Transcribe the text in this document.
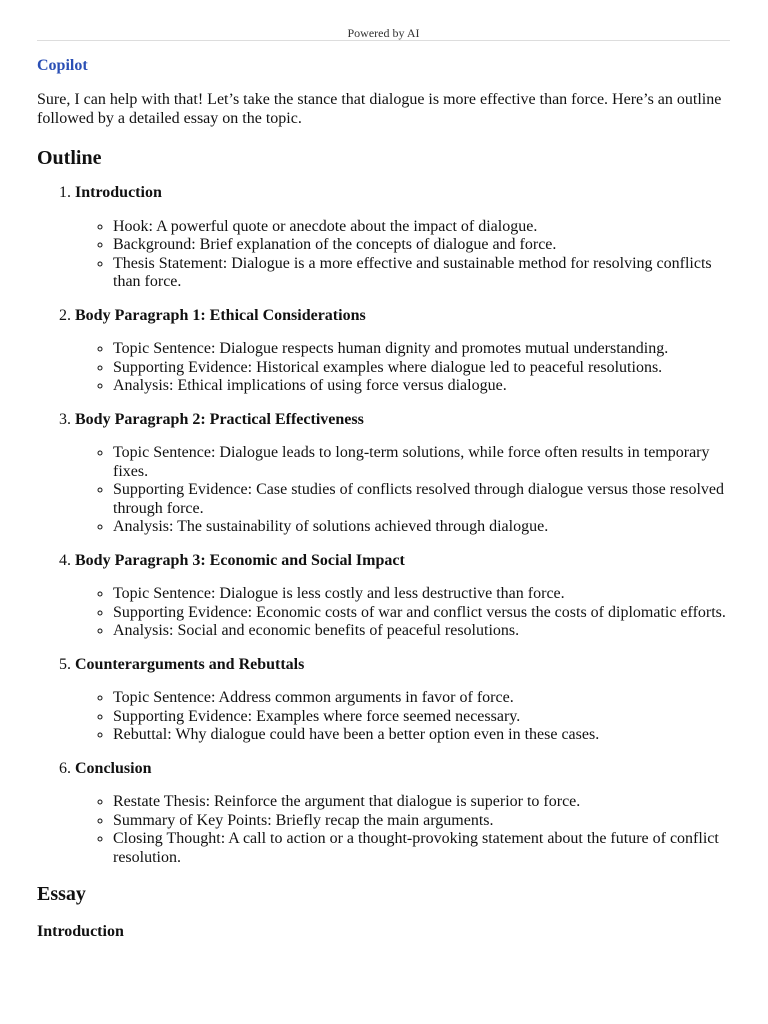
Powered by AI
Copilot

Sure, I can help with that! Let’s take the stance that dialogue is more effective than force. Here’s an outline followed by a detailed essay on the topic.

Outline
1. Introduction
◦ Hook: A powerful quote or anecdote about the impact of dialogue.
◦ Background: Brief explanation of the concepts of dialogue and force.
◦ Thesis Statement: Dialogue is a more effective and sustainable method for resolving conflicts than force.
2. Body Paragraph 1: Ethical Considerations
◦ Topic Sentence: Dialogue respects human dignity and promotes mutual understanding.
◦ Supporting Evidence: Historical examples where dialogue led to peaceful resolutions.
◦ Analysis: Ethical implications of using force versus dialogue.
3. Body Paragraph 2: Practical Effectiveness
◦ Topic Sentence: Dialogue leads to long-term solutions, while force often results in temporary fixes.
◦ Supporting Evidence: Case studies of conflicts resolved through dialogue versus those resolved through force.
◦ Analysis: The sustainability of solutions achieved through dialogue.
4. Body Paragraph 3: Economic and Social Impact
◦ Topic Sentence: Dialogue is less costly and less destructive than force.
◦ Supporting Evidence: Economic costs of war and conflict versus the costs of diplomatic efforts.
◦ Analysis: Social and economic benefits of peaceful resolutions.
5. Counterarguments and Rebuttals
◦ Topic Sentence: Address common arguments in favor of force.
◦ Supporting Evidence: Examples where force seemed necessary.
◦ Rebuttal: Why dialogue could have been a better option even in these cases.
6. Conclusion
◦ Restate Thesis: Reinforce the argument that dialogue is superior to force.
◦ Summary of Key Points: Briefly recap the main arguments.
◦ Closing Thought: A call to action or a thought-provoking statement about the future of conflict resolution.
Essay
Introduction
